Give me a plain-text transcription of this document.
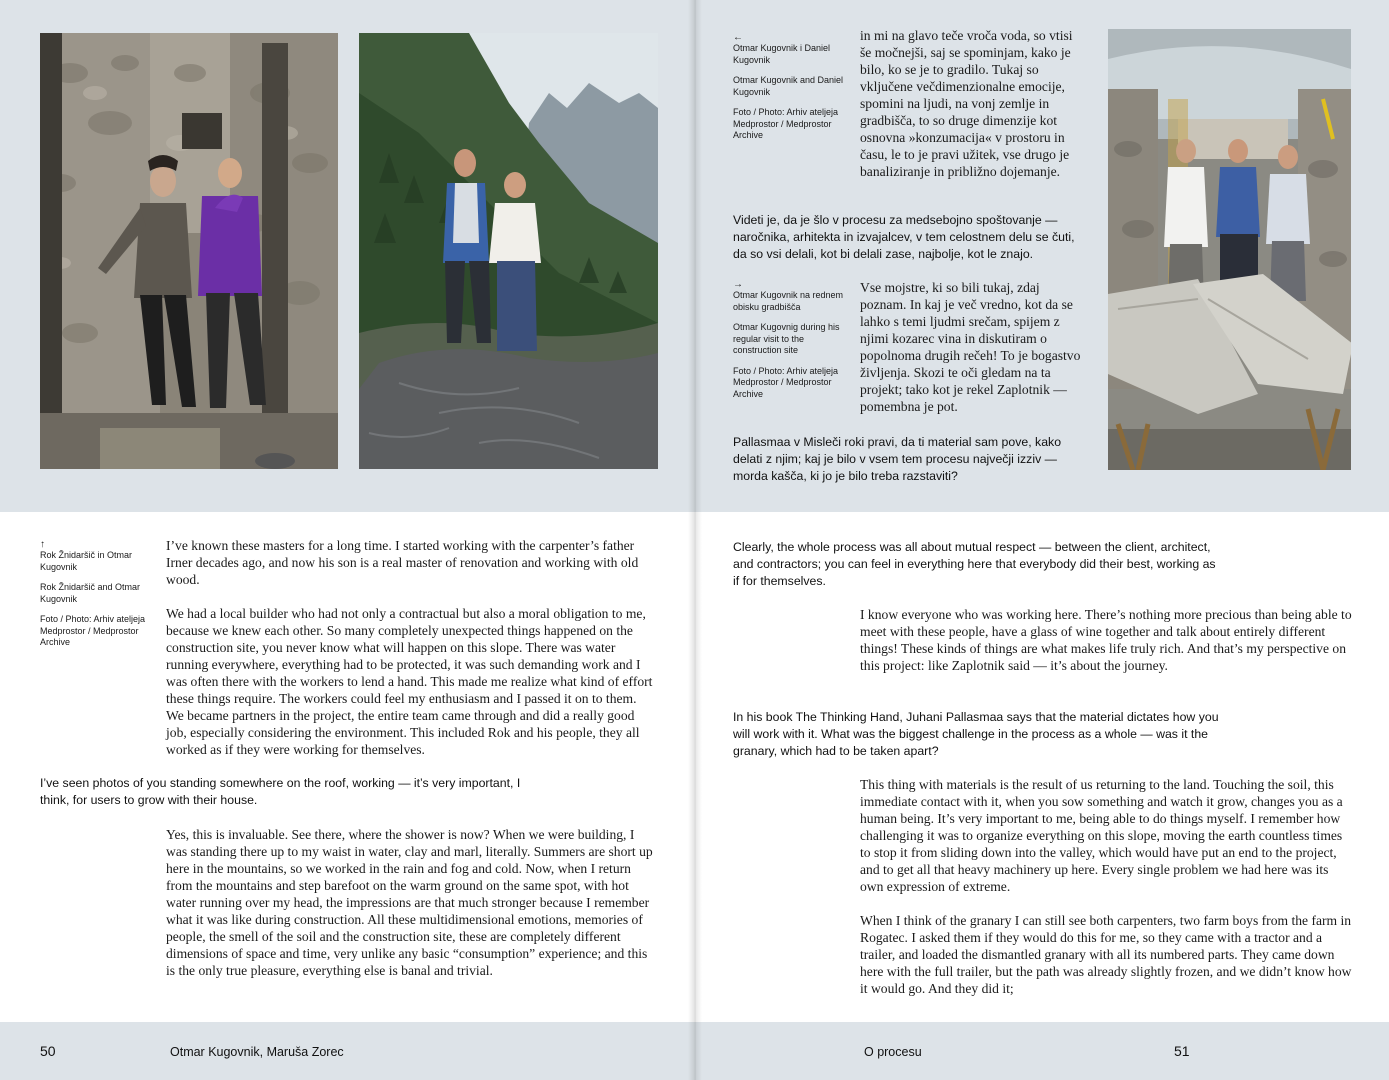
←

Otmar Kugovnik i Daniel Kugovnik

Otmar Kugovnik and Daniel Kugovnik

Foto / Photo: Arhiv ateljeja Medprostor / Medprostor Archive

→

Otmar Kugovnik na rednem obisku gradbišča

Otmar Kugovnig during his regular visit to the construction site

Foto / Photo: Arhiv ateljeja Medprostor / Medprostor Archive

in mi na glavo teče vroča voda, so vtisi še močnejši, saj se spominjam, kako je bilo, ko se je to gradilo. Tukaj so vključene večdimenzionalne emocije, spomini na ljudi, na vonj zemlje in gradbišča, to so druge dimenzije kot osnovna »konzumacija« v prostoru in času, le to je pravi užitek, vse drugo je banaliziranje in približno dojemanje.

Videti je, da je šlo v procesu za medsebojno spoštovanje — naročnika, arhitekta in izvajalcev, v tem celostnem delu se čuti, da so vsi delali, kot bi delali zase, najbolje, kot le znajo.

Vse mojstre, ki so bili tukaj, zdaj poznam. In kaj je več vredno, kot da se lahko s temi ljudmi srečam, spijem z njimi kozarec vina in diskutiram o popolnoma drugih rečeh! To je bogastvo življenja. Skozi te oči gledam na ta projekt; tako kot je rekel Zaplotnik — pomembna je pot.

Pallasmaa v Misleči roki pravi, da ti material sam pove, kako delati z njim; kaj je bilo v vsem tem procesu največji izziv — morda kašča, ki jo je bilo treba razstaviti?
↑

Rok Žnidaršič in Otmar Kugovnik

Rok Žnidaršič and Otmar Kugovnik

Foto / Photo: Arhiv ateljeja Medprostor / Medprostor Archive

I’ve known these masters for a long time. I started working with the carpenter’s father Irner decades ago, and now his son is a real master of renovation and working with old wood.

We had a local builder who had not only a contractual but also a moral obligation to me, because we knew each other. So many completely unexpected things happened on the construction site, you never know what will happen on this slope. There was water running everywhere, everything had to be protected, it was such demanding work and I was often there with the workers to lend a hand. This made me realize what kind of effort these things require. The workers could feel my enthusiasm and I passed it on to them. We became partners in the project, the entire team came through and did a really good job, especially considering the environment. This included Rok and his people, they all worked as if they were working for themselves.

I’ve seen photos of you standing somewhere on the roof, working — it’s very important, I think, for users to grow with their house.

Yes, this is invaluable. See there, where the shower is now? When we were building, I was standing there up to my waist in water, clay and marl, literally. Summers are short up here in the mountains, so we worked in the rain and fog and cold. Now, when I return from the mountains and step barefoot on the warm ground on the same spot, with hot water running over my head, the impressions are that much stronger because I remember what it was like during construction. All these multidimensional emotions, memories of people, the smell of the soil and the construction site, these are completely different dimensions of space and time, very unlike any basic “consumption” experience; and this is the only true pleasure, everything else is banal and trivial.

Clearly, the whole process was all about mutual respect — between the client, architect, and contractors; you can feel in everything here that everybody did their best, working as if for themselves.

I know everyone who was working here. There’s nothing more precious than being able to meet with these people, have a glass of wine together and talk about entirely different things! These kinds of things are what makes life truly rich. And that’s my perspective on this project: like Zaplotnik said — it’s about the journey.

In his book The Thinking Hand, Juhani Pallasmaa says that the material dictates how you will work with it. What was the biggest challenge in the process as a whole — was it the granary, which had to be taken apart?

This thing with materials is the result of us returning to the land. Touching the soil, this immediate contact with it, when you sow something and watch it grow, changes you as a human being. It’s very important to me, being able to do things myself. I remember how challenging it was to organize everything on this slope, moving the earth countless times to stop it from sliding down into the valley, which would have put an end to the project, and to get all that heavy machinery up here. Every single problem we had here was its own expression of extreme.

When I think of the granary I can still see both carpenters, two farm boys from the farm in Rogatec. I asked them if they would do this for me, so they came with a tractor and a trailer, and loaded the dismantled granary with all its numbered parts. They came down here with the full trailer, but the path was already slightly frozen, and we didn’t know how it would go. And they did it;

50	Otmar Kugovnik, Maruša Zorec	O procesu	51
